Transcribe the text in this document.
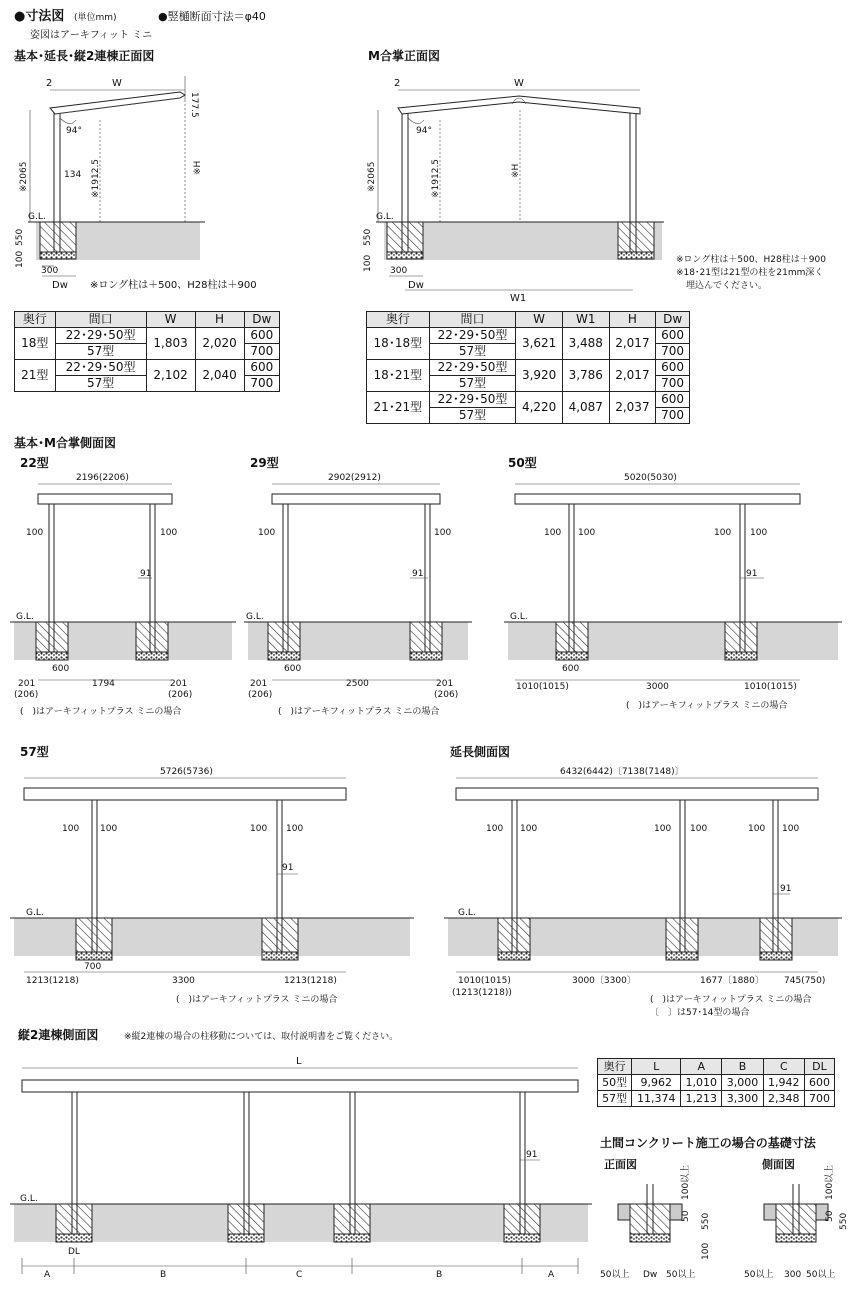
●寸法図 (単位mm)	●竪樋断面寸法＝φ40
姿図はアーキフィット ミニ
基本･延長･縦2連棟正面図
2	W
177.5
94°
※2065	※1912.5
134	※H
G.L.
550
100
300
Dw ※ロング柱は＋500、H28柱は＋900
M合掌正面図
2	W
W1
94°
※2065	※1912.5	※H
G.L.
550
100 300
Dw
※ロング柱は＋500、H28柱は＋900
※18･21型は21型の柱を21mm深く
埋込んでください。
基本･M合掌側面図
22型
2196(2206)
100	100
91
G.L.
600
201
(206)
1794	201
(206)
(　)はアーキフィットプラス ミニの場合
29型
2902(2912)
100	100
91
G.L.
600
201
(206)
2500	201
(206)
(　)はアーキフィットプラス ミニの場合
50型
5020(5030)
100 100	100 100
91
G.L.
600
1010(1015)	3000	1010(1015)
(　)はアーキフィットプラス ミニの場合
57型
5726(5736)
100 100	100 100
91
G.L.
700
1213(1218)	3300	1213(1218)
(　)はアーキフィットプラス ミニの場合
延長側面図
6432(6442)〔7138(7148)〕
100 100	100 100	100 100
91
G.L.
1010(1015)
(1213(1218))
3000〔3300〕	1677〔1880〕 745(750)
(　)はアーキフィットプラス ミニの場合
〔　〕は57･14型の場合
縦2連棟側面図	※縦2連棟の場合の柱移動については、取付説明書をご覧ください。
L
91
G.L.
DL
A	B	C	B	A
土間コンクリート施工の場合の基礎寸法
正面図	側面図
100以上
50 550
100
50以上 Dw 50以上
100以上
50 550
50以上 300 50以上
奥行	間口	W	H	Dw
18型	22･29･50型	1,803	2,020	600
	57型			700
21型	22･29･50型	2,102	2,040	600
	57型			700
奥行	間口	W	W1	H	Dw
18･18型	22･29･50型	3,621	3,488	2,017	600
	57型				700
18･21型	22･29･50型	3,920	3,786	2,017	600
	57型				700
21･21型	22･29･50型	4,220	4,087	2,037	600
	57型				700
奥行	L	A	B	C	DL
50型	9,962	1,010	3,000	1,942	600
57型	11,374	1,213	3,300	2,348	700
